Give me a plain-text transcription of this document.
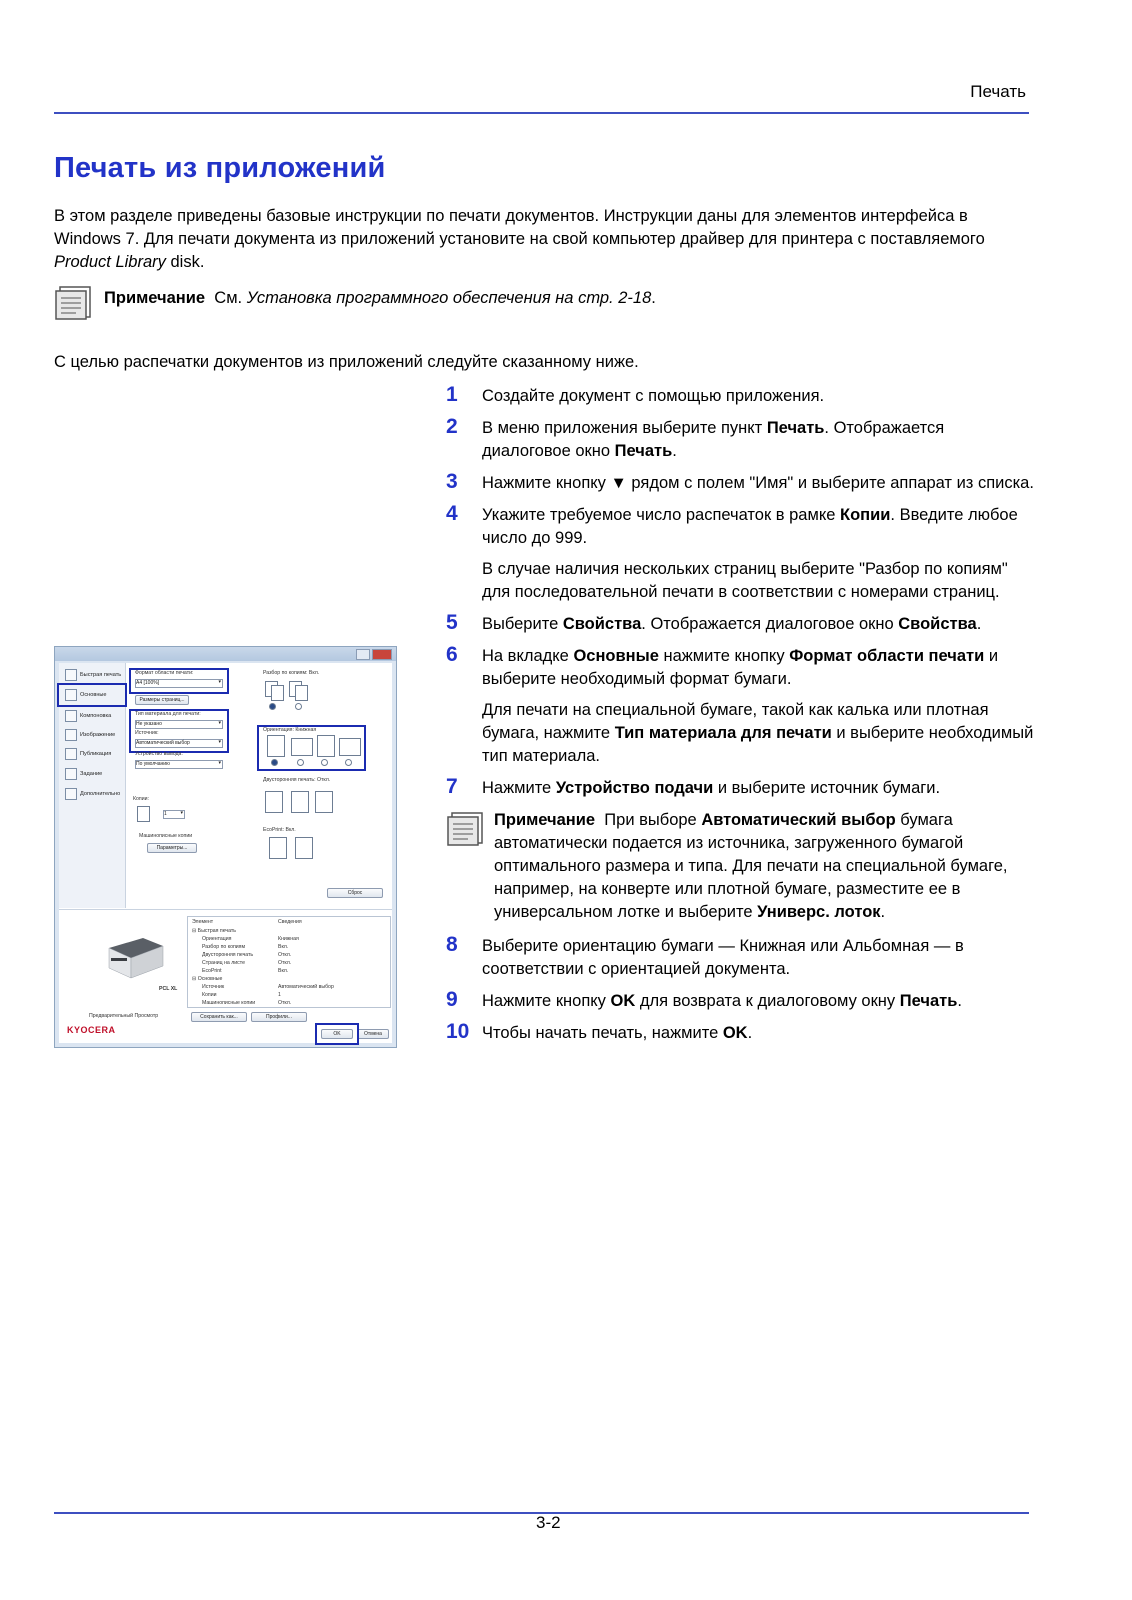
Печать
Печать из приложений
В этом разделе приведены базовые инструкции по печати документов. Инструкции даны для элементов интерфейса в Windows 7. Для печати документа из приложений установите на свой компьютер драйвер для принтера с поставляемого Product Library disk.
Примечание См. Установка программного обеспечения на стр. 2-18.
С целью распечатки документов из приложений следуйте сказанному ниже.
Быстрая печать
Основные
Компоновка
Изображение
Публикация
Задание
Дополнительно
Формат области печати:
A4 [100%] ▾
Размеры страниц...
Тип материала для печати:
Не указано ▾
Источник:
Автоматический выбор ▾
Устройство вывода:
По умолчанию ▾
Копии:
1 ▾
Машинописные копии
Параметры...
Разбор по копиям: Вкл.
Ориентация: Книжная
Двусторонняя печать: Откл.
EcoPrint: Вкл.
Сброс
PCL XL
Элемент	Сведения
⊟ Быстрая печать
Ориентация	Книжная
Разбор по копиям	Вкл.
Двусторонняя печать	Откл.
Страниц на листе	Откл.
EcoPrint	Вкл.
⊟ Основные
Источник	Автоматический выбор
Копии	1
Машинописные копии	Откл.
Предварительный Просмотр	Сохранить как...	Профили...
KYOCERA	OK	Отмена
1 Создайте документ с помощью приложения.

2 В меню приложения выберите пункт Печать. Отображается диалоговое окно Печать.

3 Нажмите кнопку ▼ рядом с полем "Имя" и выберите аппарат из списка.

4 Укажите требуемое число распечаток в рамке Копии. Введите любое число до 999.

В случае наличия нескольких страниц выберите "Разбор по копиям" для последовательной печати в соответствии с номерами страниц.

5 Выберите Свойства. Отображается диалоговое окно Свойства.

6 На вкладке Основные нажмите кнопку Формат области печати и выберите необходимый формат бумаги.

Для печати на специальной бумаге, такой как калька или плотная бумага, нажмите Тип материала для печати и выберите необходимый тип материала.

7 Нажмите Устройство подачи и выберите источник бумаги.

Примечание При выборе Автоматический выбор бумага автоматически подается из источника, загруженного бумагой оптимального размера и типа. Для печати на специальной бумаге, например, на конверте или плотной бумаге, разместите ее в универсальном лотке и выберите Универс. лоток.
8 Выберите ориентацию бумаги — Книжная или Альбомная — в соответствии с ориентацией документа.

9 Нажмите кнопку OK для возврата к диалоговому окну Печать.

10 Чтобы начать печать, нажмите OK.

3-2
